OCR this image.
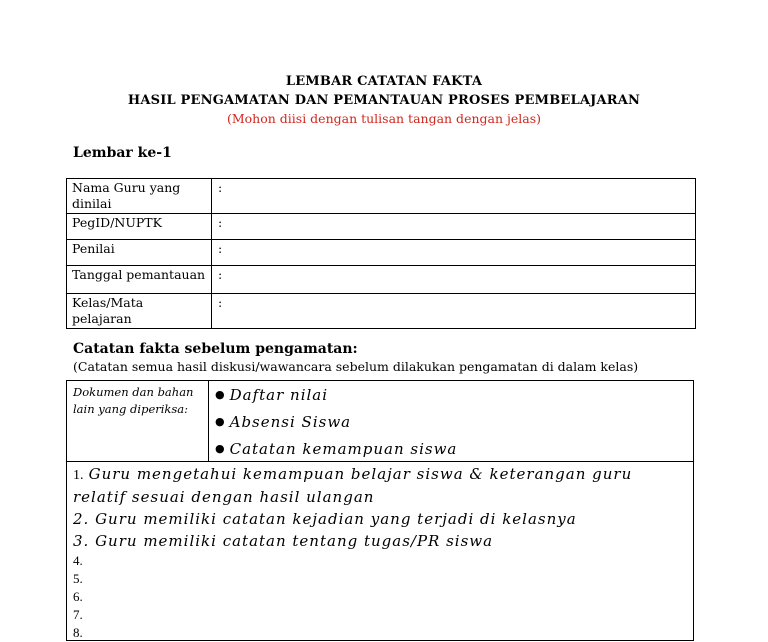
LEMBAR CATATAN FAKTA
HASIL PENGAMATAN DAN PEMANTAUAN PROSES PEMBELAJARAN
(Mohon diisi dengan tulisan tangan dengan jelas)
Lembar ke-1
Nama Guru yang dinilai	:
PegID/NUPTK	:
Penilai	:
Tanggal pemantauan	:
Kelas/Mata pelajaran	:
Catatan fakta sebelum pengamatan:
(Catatan semua hasil diskusi/wawancara sebelum dilakukan pengamatan di dalam kelas)
Dokumen dan bahan lain yang diperiksa:
● Daftar nilai
● Absensi Siswa
● Catatan kemampuan siswa
1. Guru mengetahui kemampuan belajar siswa & keterangan guru relatif sesuai dengan hasil ulangan
2. Guru memiliki catatan kejadian yang terjadi di kelasnya
3. Guru memiliki catatan tentang tugas/PR siswa
4.
5.
6.
7.
8.
